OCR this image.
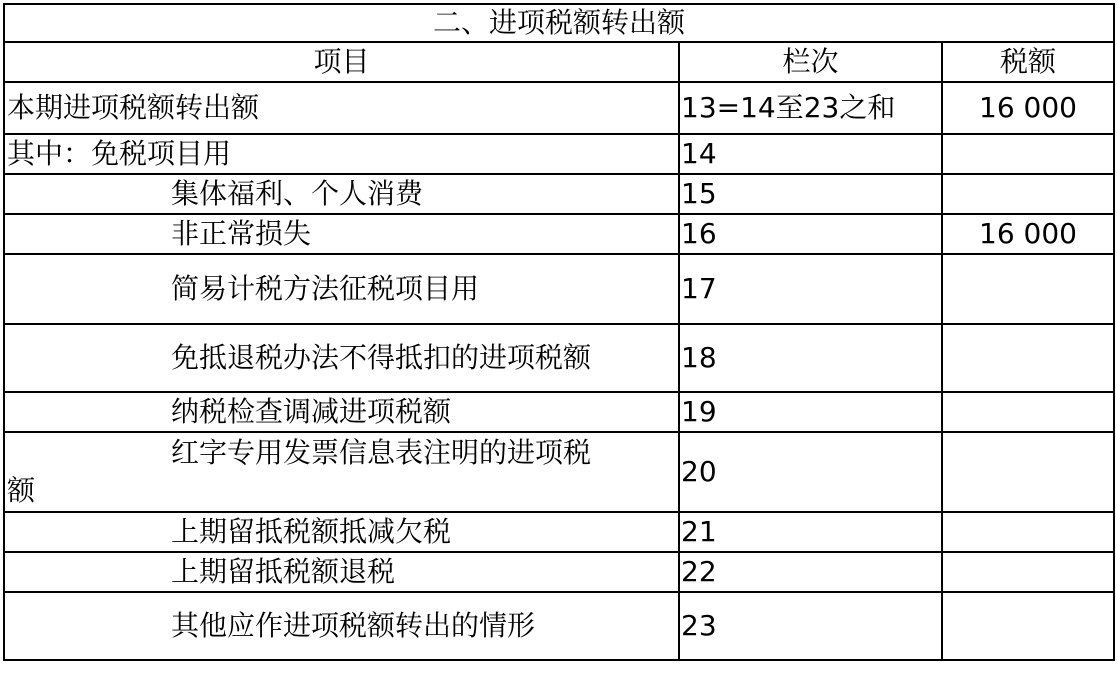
二、进项税额转出额		
项目	栏次	税额
本期进项税额转出额	13=14至23之和	16 000
其中：免税项目用	14	
集体福利、个人消费	15	
非正常损失	16	16 000
简易计税方法征税项目用	17	
免抵退税办法不得抵扣的进项税额	18	
纳税检查调减进项税额	19	

红字专用发票信息表注明的进项税
额	20	
上期留抵税额抵减欠税	21	
上期留抵税额退税	22	
其他应作进项税额转出的情形	23	
